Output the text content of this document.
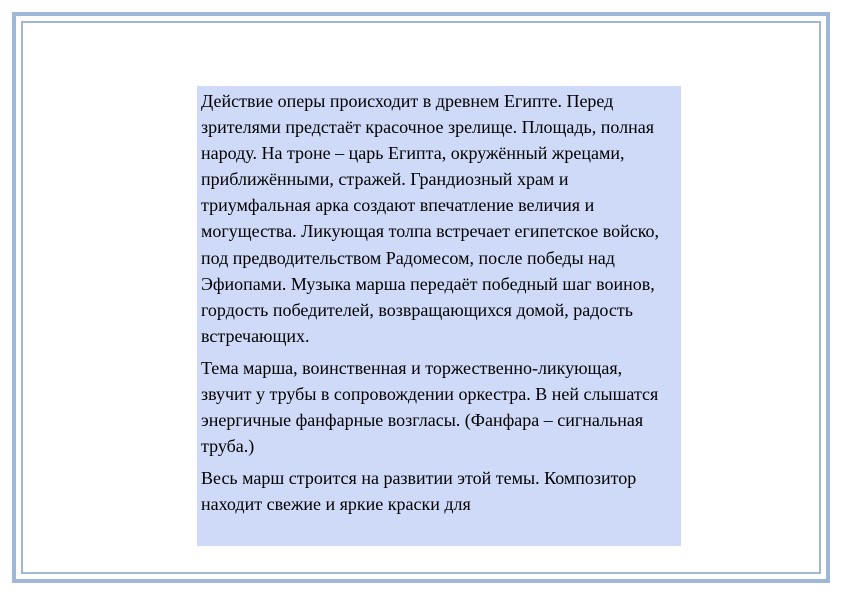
Действие оперы происходит в древнем Египте. Перед зрителями предстаёт красочное зрелище. Площадь, полная народу. На троне – царь Египта, окружённый жрецами, приближёнными, стражей. Грандиозный храм и триумфальная арка создают впечатление величия и могущества. Ликующая толпа встречает египетское войско, под предводительством Радомесом, после победы над Эфиопами. Музыка марша передаёт победный шаг воинов, гордость победителей, возвращающихся домой, радость встречающих.

Тема марша, воинственная и торжественно-ликующая, звучит у трубы в сопровождении оркестра. В ней слышатся энергичные фанфарные возгласы. (Фанфара – сигнальная труба.)

Весь марш строится на развитии этой темы. Композитор находит свежие и яркие краски для
